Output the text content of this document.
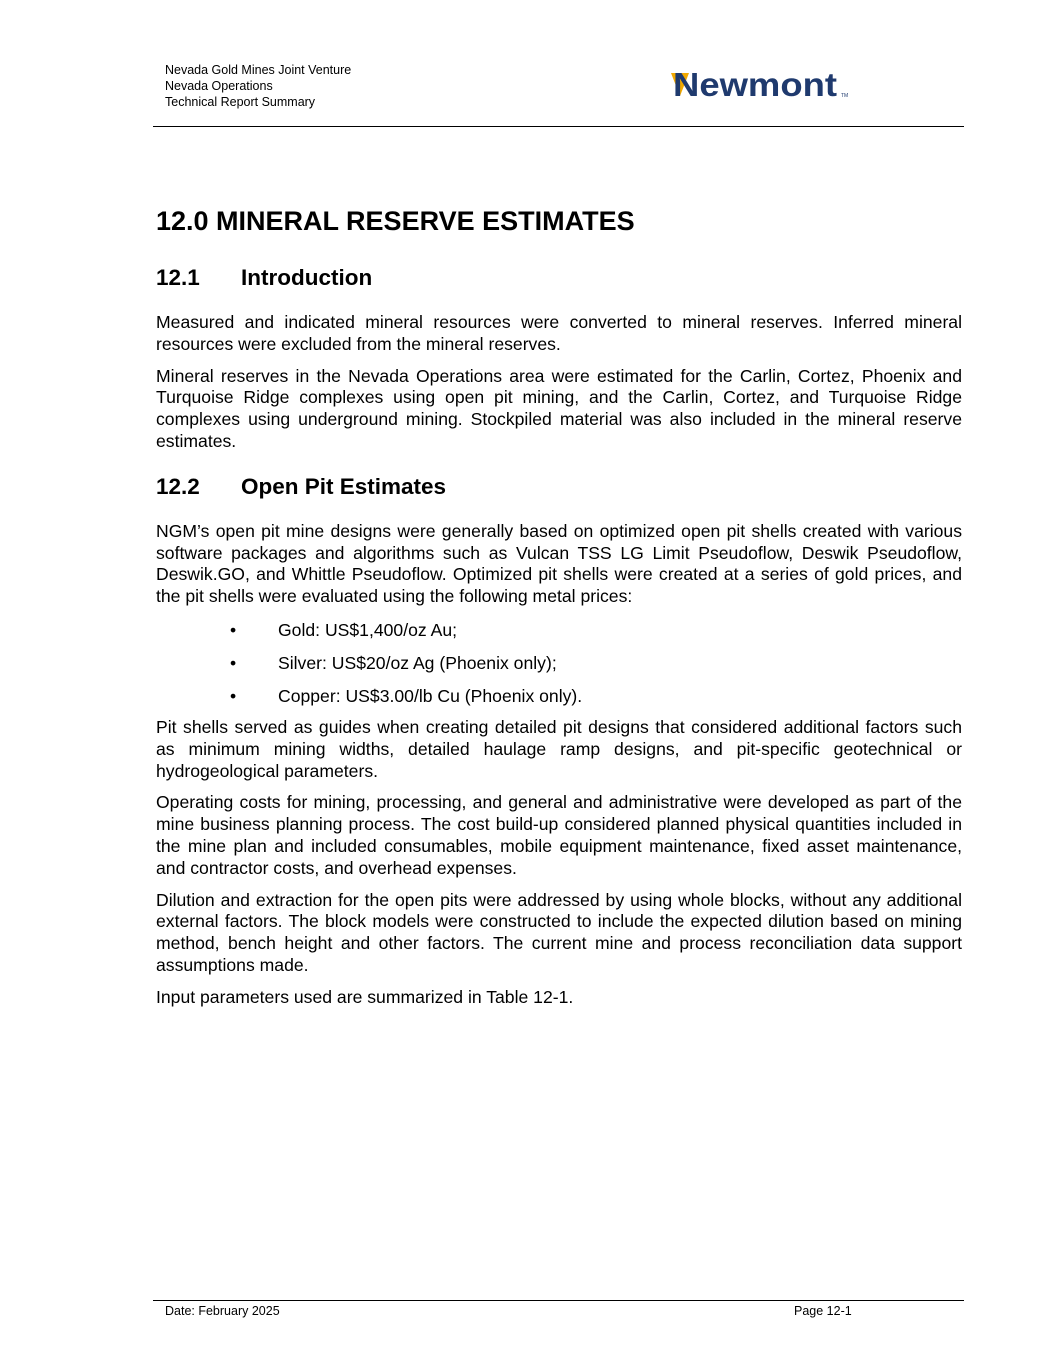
Nevada Gold Mines Joint Venture
Nevada Operations
Technical Report Summary	Newmont TM
12.0 MINERAL RESERVE ESTIMATES
12.1 Introduction

Measured and indicated mineral resources were converted to mineral reserves. Inferred mineral resources were excluded from the mineral reserves.

Mineral reserves in the Nevada Operations area were estimated for the Carlin, Cortez, Phoenix and Turquoise Ridge complexes using open pit mining, and the Carlin, Cortez, and Turquoise Ridge complexes using underground mining. Stockpiled material was also included in the mineral reserve estimates.

12.2 Open Pit Estimates

NGM’s open pit mine designs were generally based on optimized open pit shells created with various software packages and algorithms such as Vulcan TSS LG Limit Pseudoflow, Deswik Pseudoflow, Deswik.GO, and Whittle Pseudoflow. Optimized pit shells were created at a series of gold prices, and the pit shells were evaluated using the following metal prices:

• Gold: US$1,400/oz Au;
• Silver: US$20/oz Ag (Phoenix only);
• Copper: US$3.00/lb Cu (Phoenix only).

Pit shells served as guides when creating detailed pit designs that considered additional factors such as minimum mining widths, detailed haulage ramp designs, and pit-specific geotechnical or hydrogeological parameters.

Operating costs for mining, processing, and general and administrative were developed as part of the mine business planning process. The cost build-up considered planned physical quantities included in the mine plan and included consumables, mobile equipment maintenance, fixed asset maintenance, and contractor costs, and overhead expenses.

Dilution and extraction for the open pits were addressed by using whole blocks, without any additional external factors. The block models were constructed to include the expected dilution based on mining method, bench height and other factors. The current mine and process reconciliation data support assumptions made.

Input parameters used are summarized in Table 12-1.

Date: February 2025	Page 12-1
